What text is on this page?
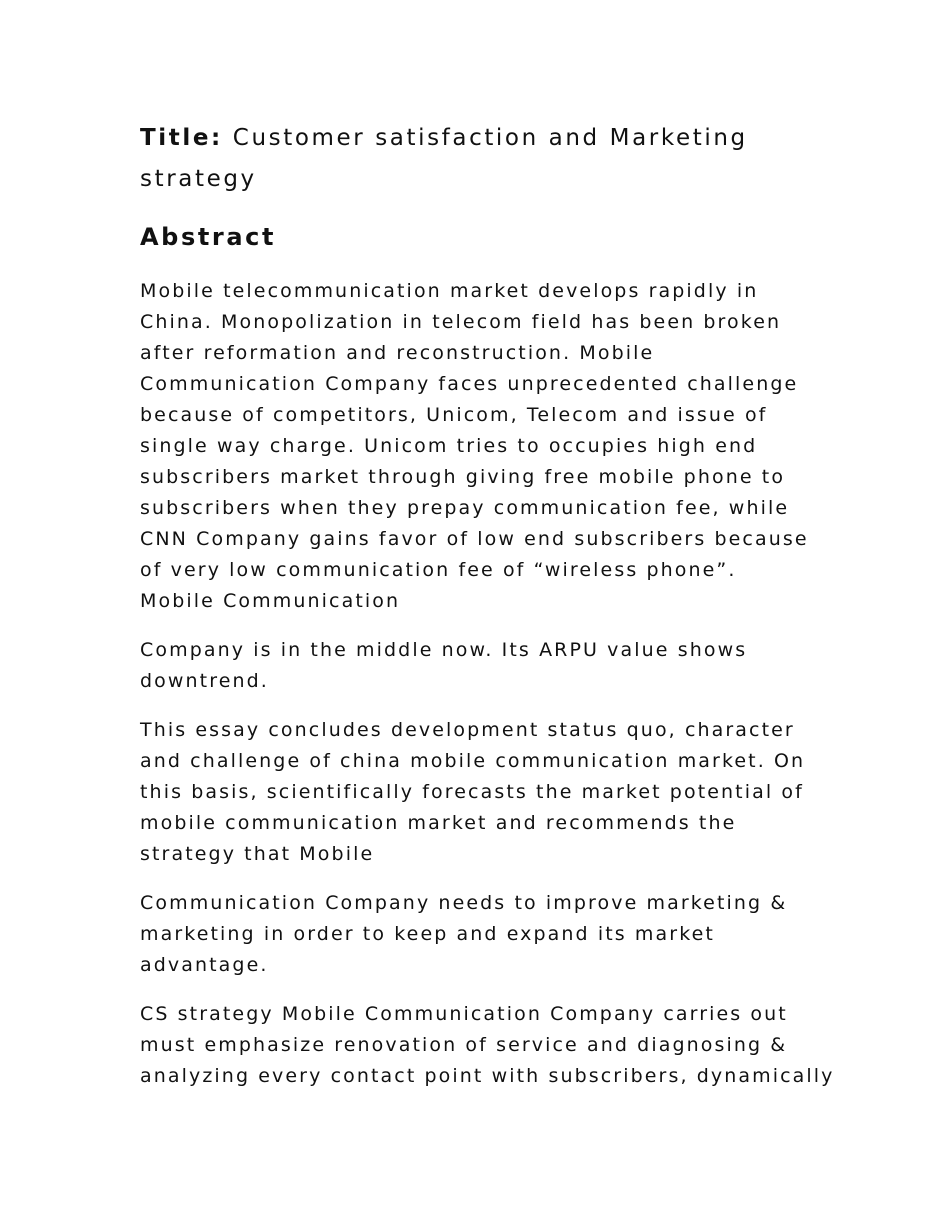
Title: Customer satisfaction and Marketing
strategy

Abstract

Mobile telecommunication market develops rapidly in
China. Monopolization in telecom field has been broken
after reformation and reconstruction. Mobile
Communication Company faces unprecedented challenge
because of competitors, Unicom, Telecom and issue of
single way charge. Unicom tries to occupies high end
subscribers market through giving free mobile phone to
subscribers when they prepay communication fee, while
CNN Company gains favor of low end subscribers because
of very low communication fee of “wireless phone”.
Mobile Communication

Company is in the middle now. Its ARPU value shows
downtrend.

This essay concludes development status quo, character
and challenge of china mobile communication market. On
this basis, scientifically forecasts the market potential of
mobile communication market and recommends the
strategy that Mobile

Communication Company needs to improve marketing &
marketing in order to keep and expand its market
advantage.

CS strategy Mobile Communication Company carries out
must emphasize renovation of service and diagnosing &
analyzing every contact point with subscribers, dynamically
